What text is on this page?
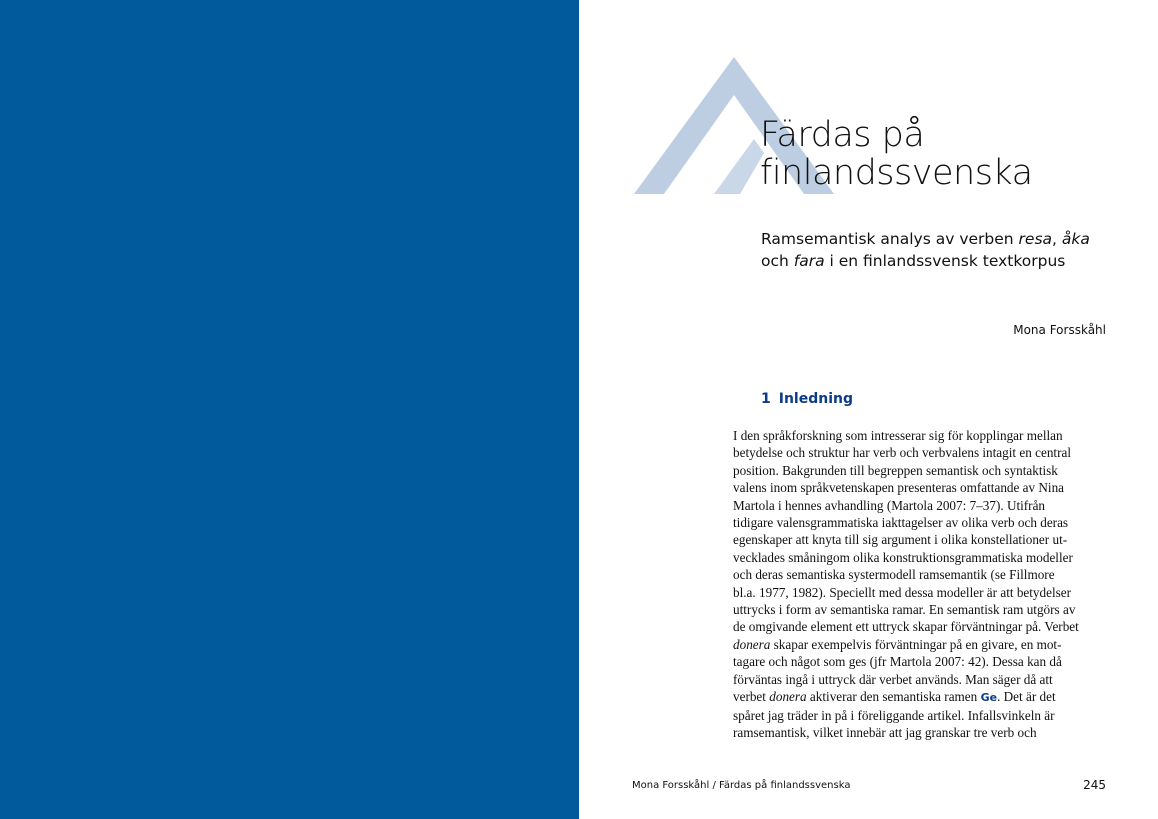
Färdas på
finlandssvenska
Ramsemantisk analys av verben resa, åka
och fara i en finlandssvensk textkorpus
Mona Forsskåhl
1 Inledning
I den språkforskning som intresserar sig för kopplingar mellan
betydelse och struktur har verb och verbvalens intagit en central
position. Bakgrunden till begreppen semantisk och syntaktisk
valens inom språkvetenskapen presenteras omfattande av Nina
Martola i hennes avhandling (Martola 2007: 7–37). Utifrån
tidigare valensgrammatiska iakttagelser av olika verb och deras
egenskaper att knyta till sig argument i olika konstellationer ut-
vecklades småningom olika konstruktionsgrammatiska modeller
och deras semantiska systermodell ramsemantik (se Fillmore
bl.a. 1977, 1982). Speciellt med dessa modeller är att betydelser
uttrycks i form av semantiska ramar. En semantisk ram utgörs av
de omgivande element ett uttryck skapar förväntningar på. Verbet
donera skapar exempelvis förväntningar på en givare, en mot-
tagare och något som ges (jfr Martola 2007: 42). Dessa kan då
förväntas ingå i uttryck där verbet används. Man säger då att
verbet donera aktiverar den semantiska ramen Ge. Det är det
spåret jag träder in på i föreliggande artikel. Infallsvinkeln är
ramsemantisk, vilket innebär att jag granskar tre verb och
Mona Forsskåhl / Färdas på finlandssvenska	245
